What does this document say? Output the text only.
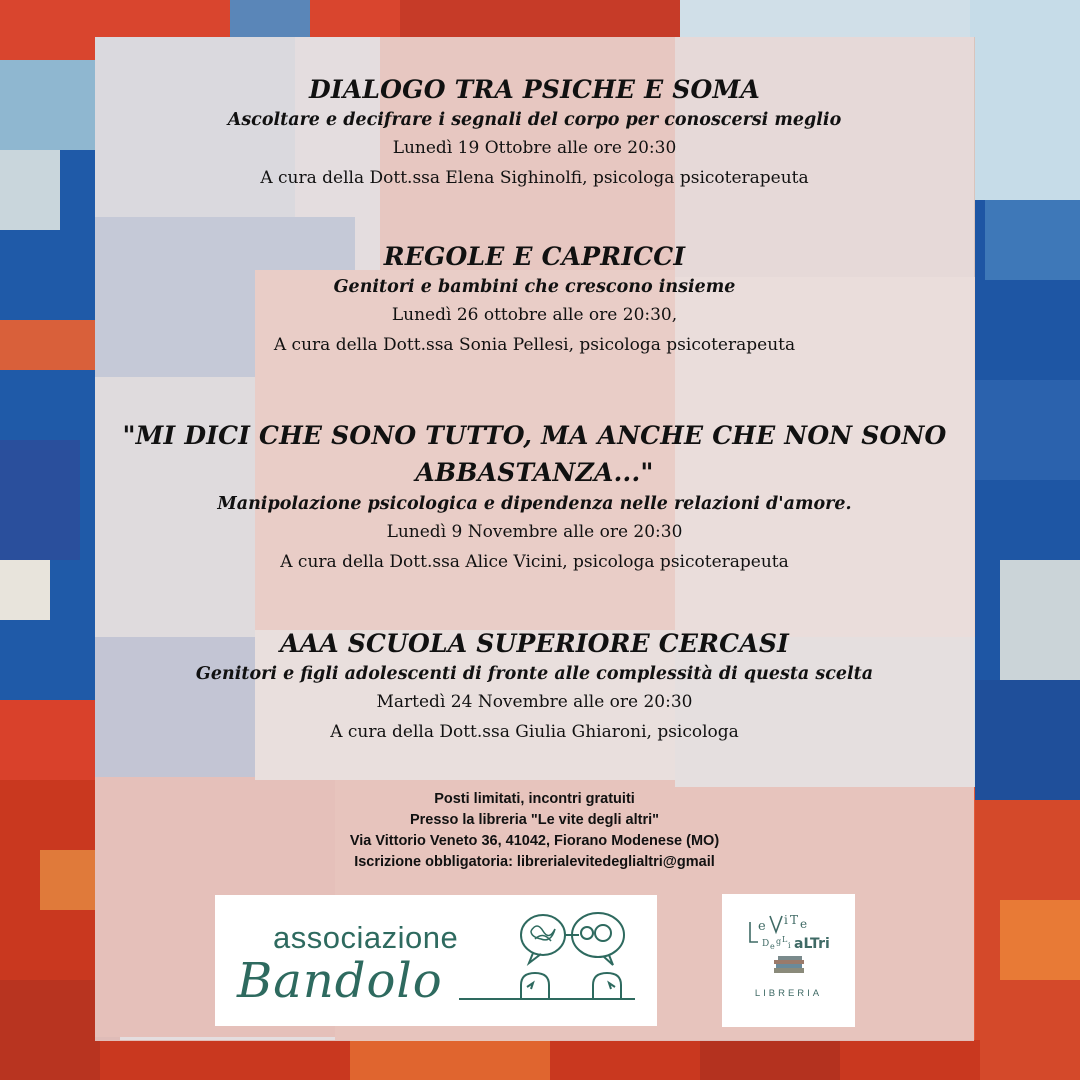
DIALOGO TRA PSICHE E SOMA
Ascoltare e decifrare i segnali del corpo per conoscersi meglio
Lunedì 19 Ottobre alle ore 20:30
A cura della Dott.ssa Elena Sighinolfi, psicologa psicoterapeuta
REGOLE E CAPRICCI
Genitori e bambini che crescono insieme
Lunedì 26 ottobre alle ore 20:30,
A cura della Dott.ssa Sonia Pellesi, psicologa psicoterapeuta
"MI DICI CHE SONO TUTTO, MA ANCHE CHE NON SONO
ABBASTANZA..."
Manipolazione psicologica e dipendenza nelle relazioni d'amore.
Lunedì 9 Novembre alle ore 20:30
A cura della Dott.ssa Alice Vicini, psicologa psicoterapeuta
AAA SCUOLA SUPERIORE CERCASI
Genitori e figli adolescenti di fronte alle complessità di questa scelta
Martedì 24 Novembre alle ore 20:30
A cura della Dott.ssa Giulia Ghiaroni, psicologa
Posti limitati, incontri gratuiti
Presso la libreria "Le vite degli altri"
Via Vittorio Veneto 36, 41042, Fiorano Modenese (MO)
Iscrizione obbligatoria: librerialevitedeglialtri@gmail
associazione
Bandolo
e i T e
D e
g L
i aLTri
LIBRERIA
